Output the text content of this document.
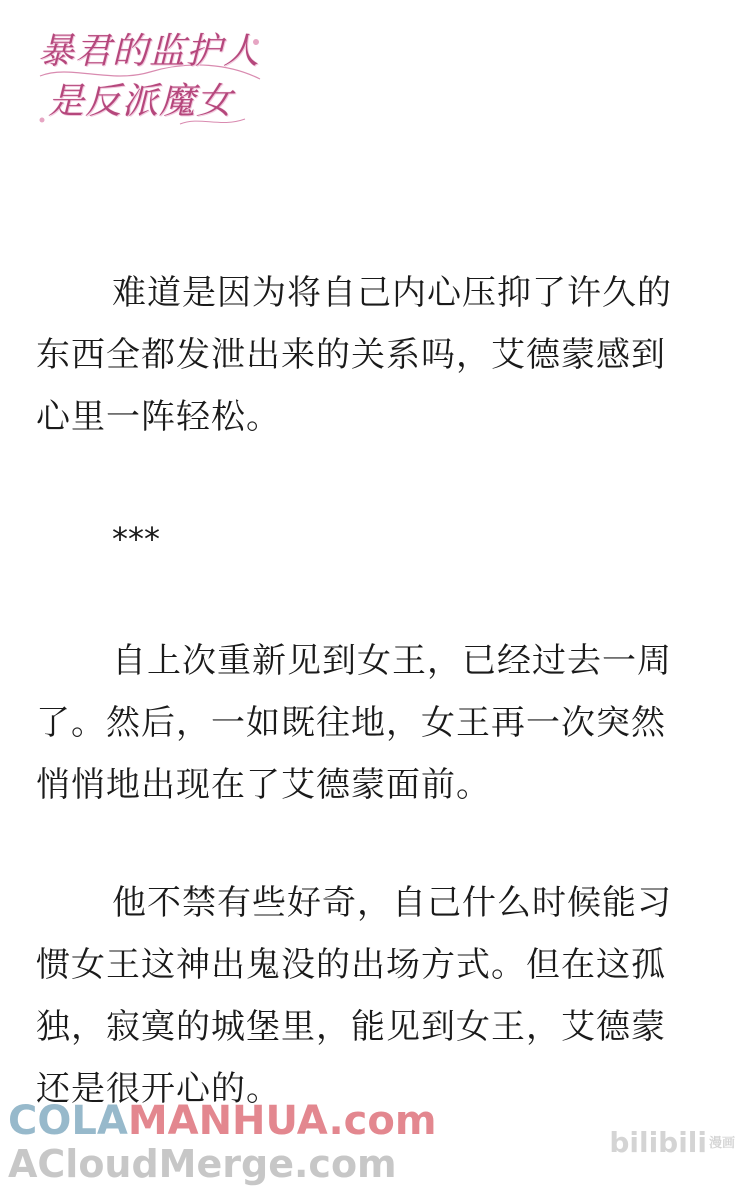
暴君的监护人
是反派魔女
难道是因为将自己内心压抑了许久的
东西全都发泄出来的关系吗，艾德蒙感到
心里一阵轻松。
***
自上次重新见到女王，已经过去一周
了。然后，一如既往地，女王再一次突然
悄悄地出现在了艾德蒙面前。
他不禁有些好奇，自己什么时候能习
惯女王这神出鬼没的出场方式。但在这孤
独，寂寞的城堡里，能见到女王，艾德蒙
还是很开心的。
COLAMANHUA.com
ACloudMerge.com	bilibili 漫画
